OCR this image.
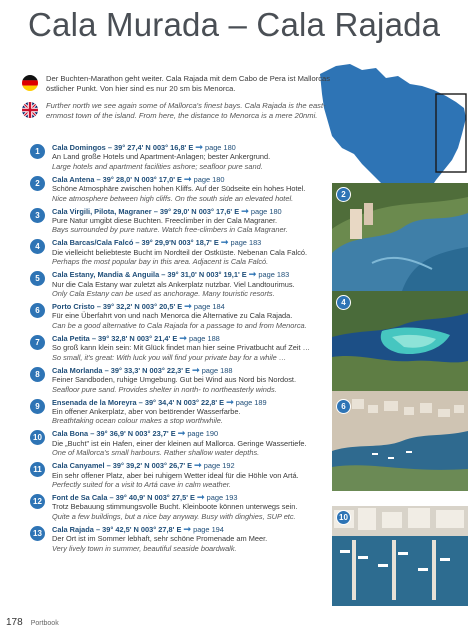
Cala Murada – Cala Rajada
Der Buchten-Marathon geht weiter. Cala Rajada mit dem Cabo de Pera ist Mallorcas östlicher Punkt. Von hier sind es nur 20 sm bis Menorca.
Further north we see again some of Mallorca's finest bays. Cala Rajada is the east-ernmost town of the island. From here, the distance to Menorca is a mere 20nmi.
1	Cala Domingos – 39° 27,4' N 003° 16,8' E ➞ page 180
An Land große Hotels und Apartment-Anlagen; bester Ankergrund.
Large hotels and apartment facilities ashore; seafloor pure sand.
2	Cala Antena – 39° 28,0' N 003° 17,0' E ➞ page 180
Schöne Atmosphäre zwischen hohen Kliffs. Auf der Südseite ein hohes Hotel.
Nice atmosphere between high cliffs. On the south side an elevated hotel.
3	Cala Virgili, Pilota, Magraner – 39° 29,0' N 003° 17,6' E ➞ page 180
Pure Natur umgibt diese Buchten. Freeclimber in der Cala Magraner.
Bays surrounded by pure nature. Watch free-climbers in Cala Magraner.
4	Cala Barcas/Cala Falcó – 39° 29,9'N 003° 18,7' E ➞ page 183
Die vielleicht beliebteste Bucht im Nordteil der Ostküste. Nebenan Cala Falcó.
Perhaps the most popular bay in this area. Adjacent is Cala Falcó.
5	Cala Estany, Mandia & Anguila – 39° 31,0' N 003° 19,1' E ➞ page 183
Nur die Cala Estany war zuletzt als Ankerplatz nutzbar. Viel Landtourimus.
Only Cala Estany can be used as anchorage. Many touristic resorts.
6	Porto Cristo – 39° 32,2' N 003° 20,5' E ➞ page 184
Für eine Überfahrt von und nach Menorca die Alternative zu Cala Rajada.
Can be a good alternative to Cala Rajada for a passage to and from Menorca.
7	Cala Petita – 39° 32,8' N 003° 21,4' E ➞ page 188
So groß kann klein sein: Mit Glück findet man hier seine Privatbucht auf Zeit …
So small, it's great: With luck you will find your private bay for a while …
8	Cala Morlanda – 39° 33,3' N 003° 22,3' E ➞ page 188
Feiner Sandboden, ruhige Umgebung. Gut bei Wind aus Nord bis Nordost.
Seafloor pure sand. Provides shelter in north- to northeasterly winds.
9	Ensenada de la Moreyra – 39° 34,4' N 003° 22,8' E ➞ page 189
Ein offener Ankerplatz, aber von betörender Wasserfarbe.
Breathtaking ocean colour makes a stop worthwhile.
10	Cala Bona – 39° 36,9' N 003° 23,7' E ➞ page 190
Die „Bucht" ist ein Hafen, einer der kleinen auf Mallorca. Geringe Wassertiefe.
One of Mallorca's small harbours. Rather shallow water depths.
11	Cala Canyamel – 39° 39,2' N 003° 26,7' E ➞ page 192
Ein sehr offener Platz, aber bei ruhigem Wetter ideal für die Höhle von Artá.
Perfectly suited for a visit to Artá cave in calm weather.
12	Font de Sa Cala – 39° 40,9' N 003° 27,5' E ➞ page 193
Trotz Bebauung stimmungsvolle Bucht. Kleinboote können unterwegs sein.
Quite a few buildings, but a nice bay anyway. Busy with dinghies, SUP etc.
13	Cala Rajada – 39° 42,5' N 003° 27,8' E ➞ page 194
Der Ort ist im Sommer lebhaft, sehr schöne Promenade am Meer.
Very lively town in summer, beautiful seaside boardwalk.
2
4
6
10
178 Portbook
